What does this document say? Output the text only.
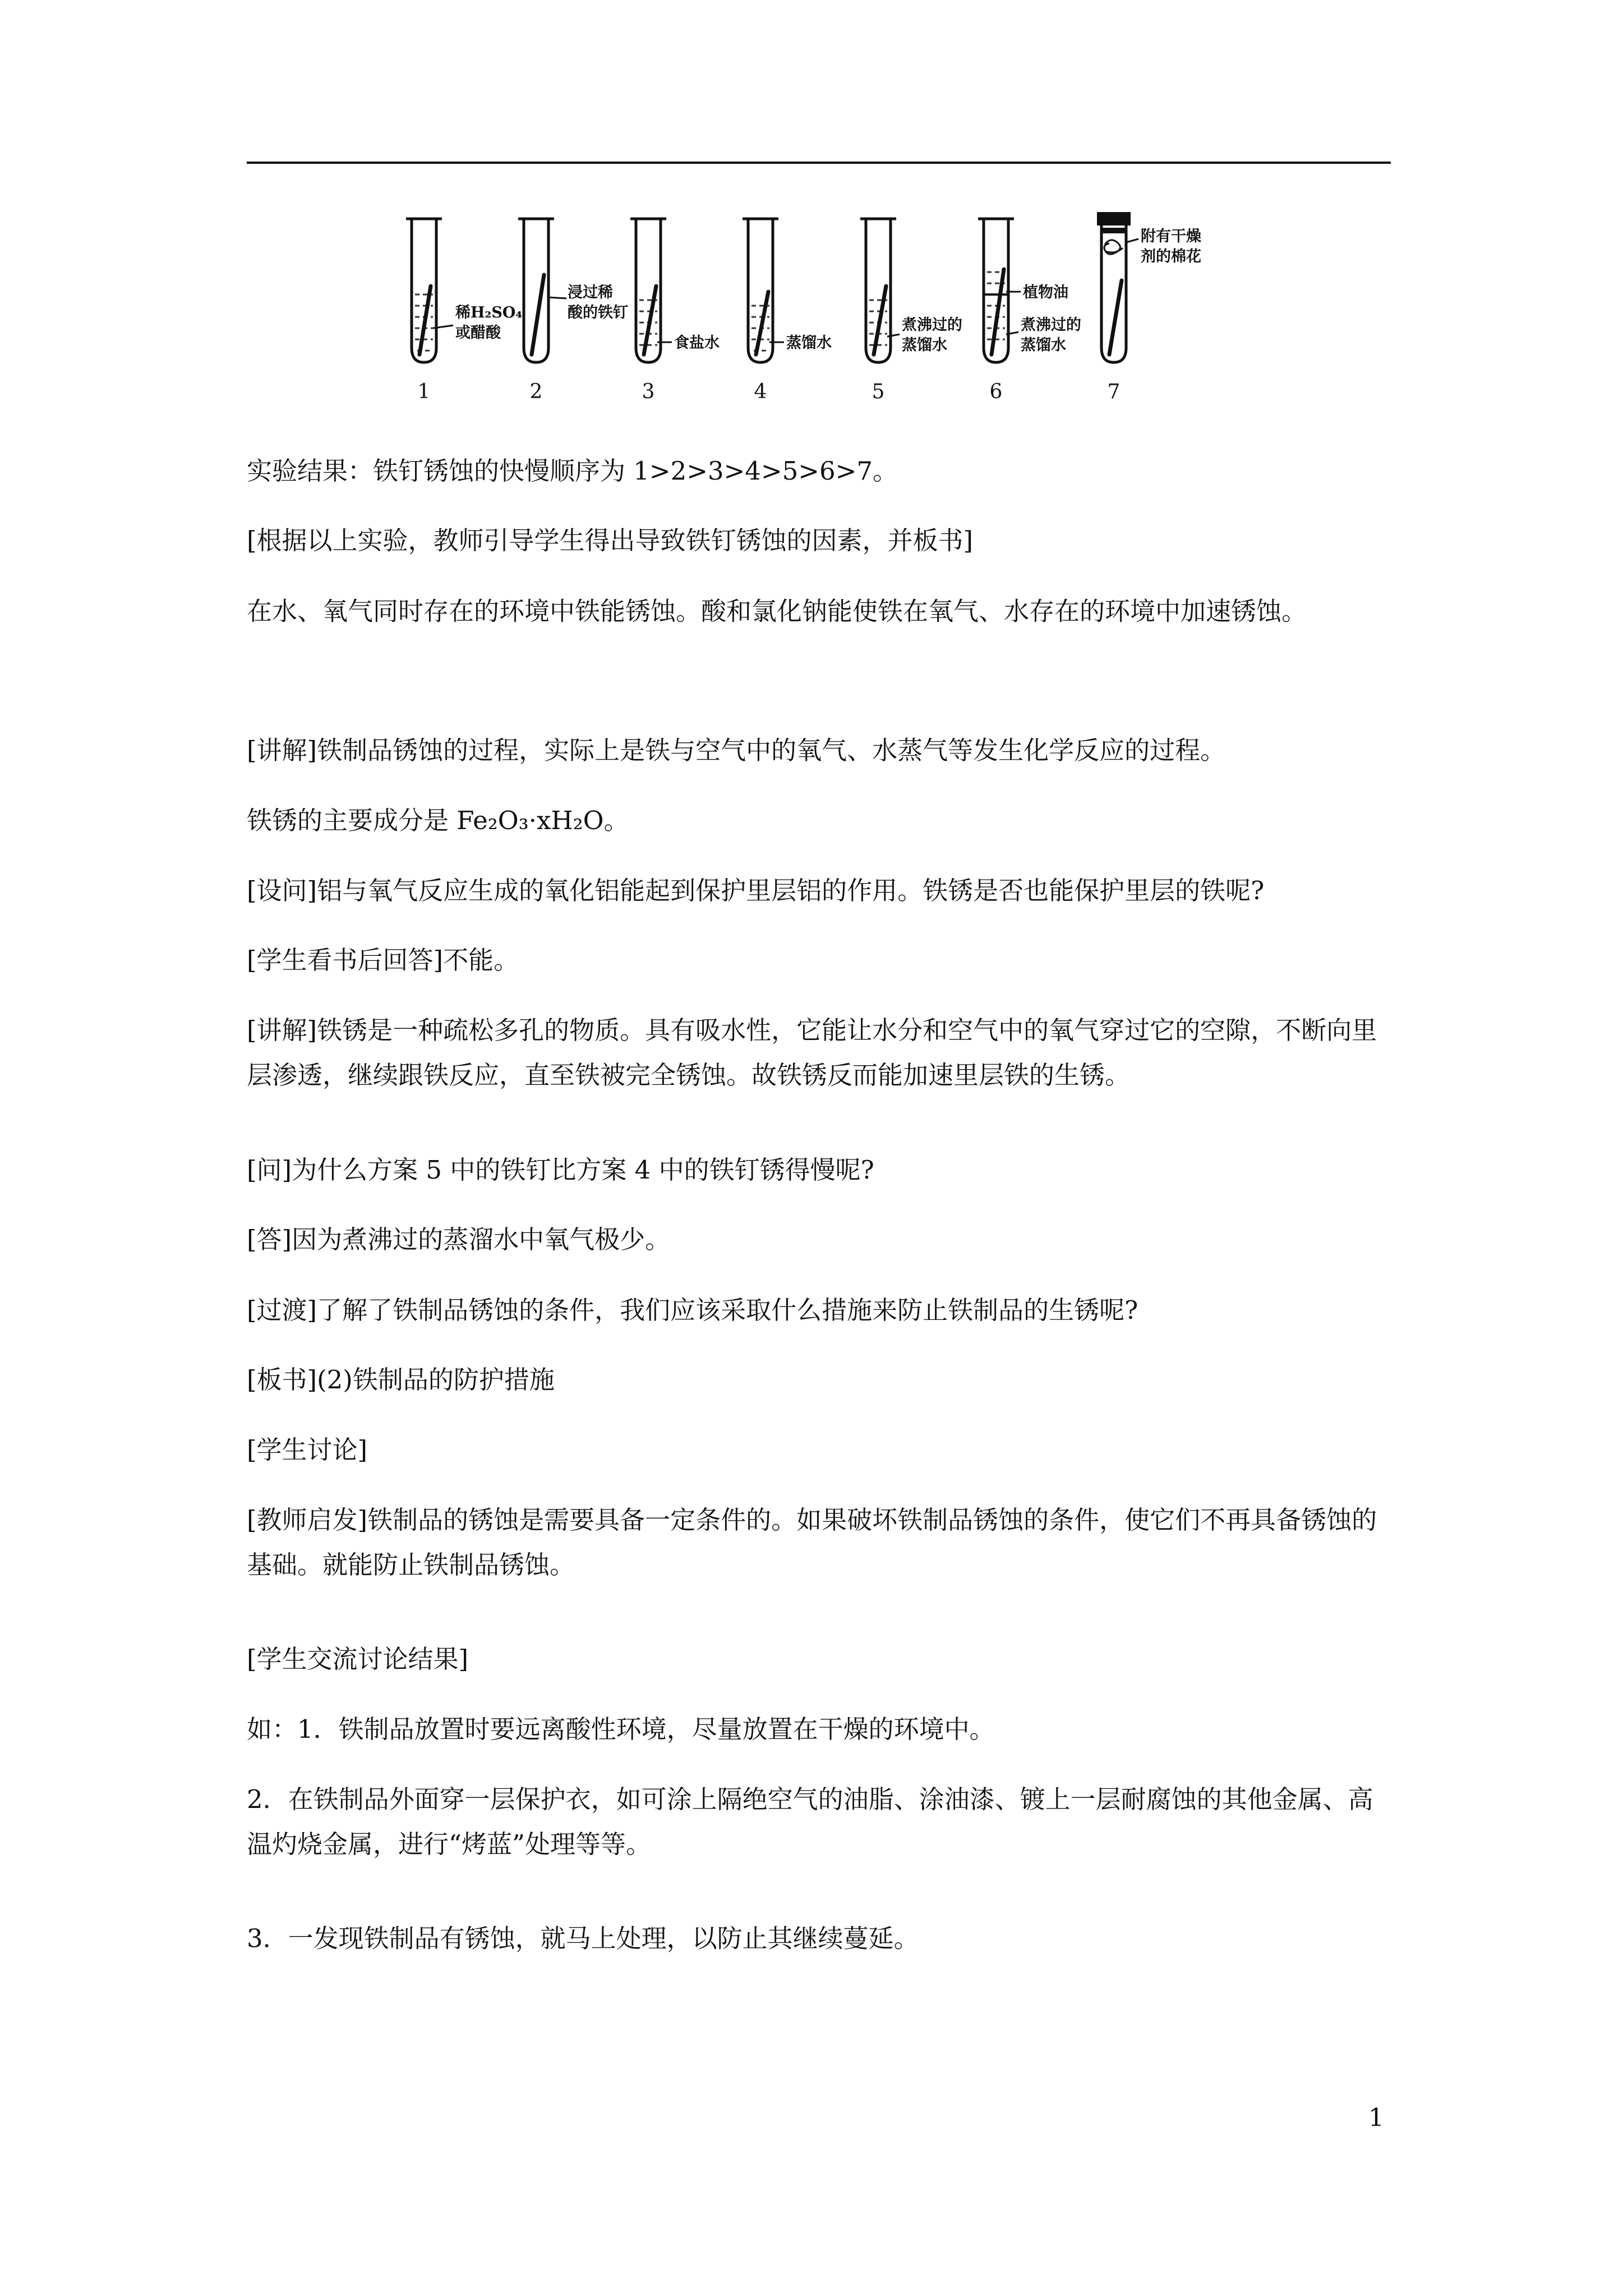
稀H₂SO₄
或醋酸
浸过稀
酸的铁钉
食盐水	蒸馏水
煮沸过的
蒸馏水
植物油
煮沸过的
蒸馏水
附有干燥
剂的棉花
1	2	3	4	5	6	7

实验结果：铁钉锈蚀的快慢顺序为 1>2>3>4>5>6>7。

[根据以上实验，教师引导学生得出导致铁钉锈蚀的因素，并板书]

在水、氧气同时存在的环境中铁能锈蚀。酸和氯化钠能使铁在氧气、水存在的环境中加速锈蚀。

[讲解]铁制品锈蚀的过程，实际上是铁与空气中的氧气、水蒸气等发生化学反应的过程。

铁锈的主要成分是 Fe₂O₃·xH₂O。

[设问]铝与氧气反应生成的氧化铝能起到保护里层铝的作用。铁锈是否也能保护里层的铁呢?

[学生看书后回答]不能。

[讲解]铁锈是一种疏松多孔的物质。具有吸水性，它能让水分和空气中的氧气穿过它的空隙，不断向里层渗透，继续跟铁反应，直至铁被完全锈蚀。故铁锈反而能加速里层铁的生锈。

[问]为什么方案 5 中的铁钉比方案 4 中的铁钉锈得慢呢?

[答]因为煮沸过的蒸溜水中氧气极少。

[过渡]了解了铁制品锈蚀的条件，我们应该采取什么措施来防止铁制品的生锈呢?

[板书](2)铁制品的防护措施

[学生讨论]

[教师启发]铁制品的锈蚀是需要具备一定条件的。如果破坏铁制品锈蚀的条件，使它们不再具备锈蚀的基础。就能防止铁制品锈蚀。

[学生交流讨论结果]

如：1．铁制品放置时要远离酸性环境，尽量放置在干燥的环境中。

2．在铁制品外面穿一层保护衣，如可涂上隔绝空气的油脂、涂油漆、镀上一层耐腐蚀的其他金属、高温灼烧金属，进行“烤蓝”处理等等。

3．一发现铁制品有锈蚀，就马上处理，以防止其继续蔓延。

1
